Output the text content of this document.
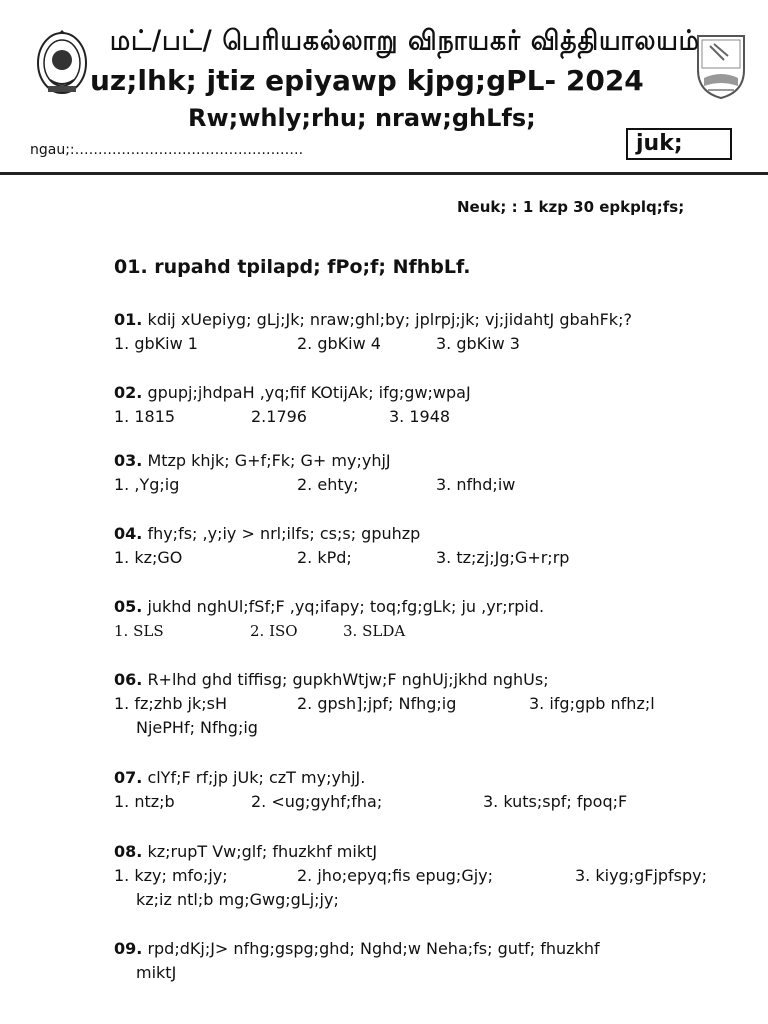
மட்/பட்/ பெரியகல்லாறு விநாயகர் வித்தியாலயம்
uz;lhk; jtiz epiyawp kjpg;gPL- 2024
Rw;whly;rhu; nraw;ghLfs;
ngau;:………………………………………….	juk;
Neuk; : 1 kzp 30 epkplq;fs;
01. rupahd tpilapd; fPo;f; NfhbLf.
01. kdij xUepiyg; gLj;Jk; nraw;ghl;by; jplrpj;jk; vj;jidahtJ gbahFk;?
1. gbKiw 1	2. gbKiw 4	3. gbKiw 3
02. gpupj;jhdpaH ,yq;fif KOtijAk; ifg;gw;wpaJ
1. 1815	2.1796	3. 1948
03. Mtzp khjk; G+f;Fk; G+ my;yhjJ
1. ,Yg;ig	2. ehty;	3. nfhd;iw
04. fhy;fs; ,y;iy > nrl;ilfs; cs;s; gpuhzp
1. kz;GO	2. kPd;	3. tz;zj;Jg;G+r;rp
05. jukhd nghUl;fSf;F ,yq;ifapy; toq;fg;gLk; ju ,yr;rpid.
1. SLS	2. ISO	3. SLDA
06. R+lhd ghd tiffisg; gupkhWtjw;F nghUj;jkhd nghUs;
1. fz;zhb jk;sH	2. gpsh];jpf; Nfhg;ig	3. ifg;gpb nfhz;l
NjePHf; Nfhg;ig
07. clYf;F rf;jp jUk; czT my;yhjJ.
1. ntz;b	2. <ug;gyhf;fha;	3. kuts;spf; fpoq;F
08. kz;rupT Vw;glf; fhuzkhf miktJ
1. kzy; mfo;jy;	2. jho;epyq;fis epug;Gjy;	3. kiyg;gFjpfspy;
kz;iz ntl;b mg;Gwg;gLj;jy;
09. rpd;dKj;J> nfhg;gspg;ghd; Nghd;w Neha;fs; gutf; fhuzkhf
miktJ
